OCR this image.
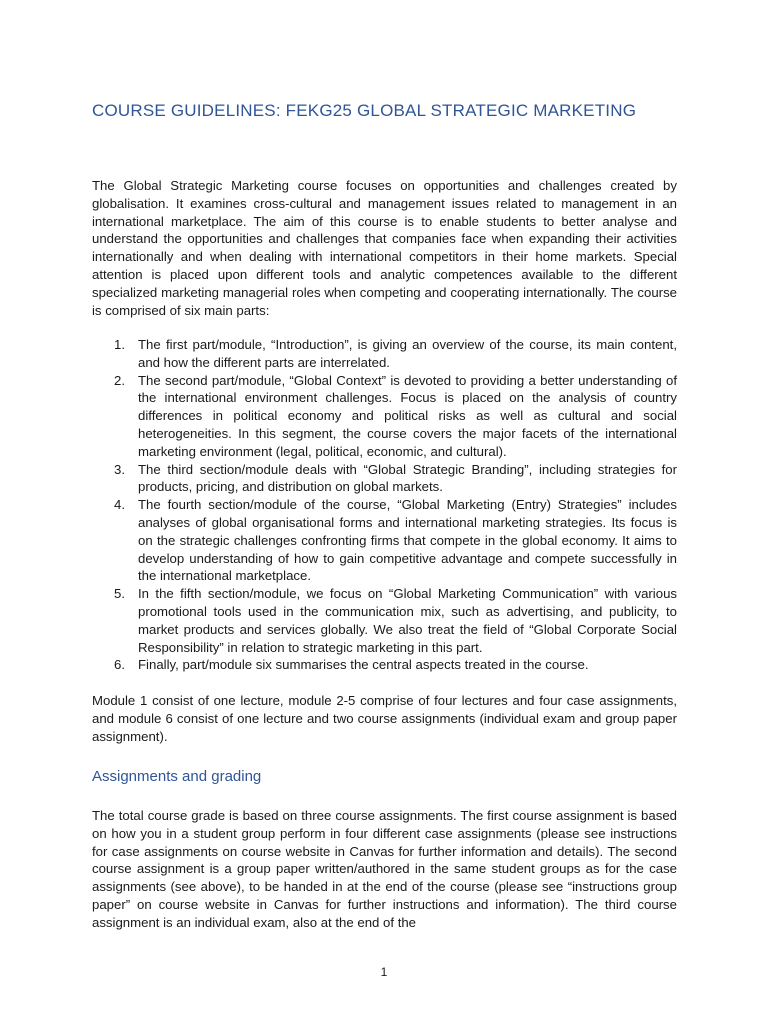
COURSE GUIDELINES: FEKG25 GLOBAL STRATEGIC MARKETING

The Global Strategic Marketing course focuses on opportunities and challenges created by globalisation. It examines cross-cultural and management issues related to management in an international marketplace. The aim of this course is to enable students to better analyse and understand the opportunities and challenges that companies face when expanding their activities internationally and when dealing with international competitors in their home markets. Special attention is placed upon different tools and analytic competences available to the different specialized marketing managerial roles when competing and cooperating internationally. The course is comprised of six main parts:

1. The first part/module, “Introduction”, is giving an overview of the course, its main content, and how the different parts are interrelated.
2. The second part/module, “Global Context” is devoted to providing a better understanding of the international environment challenges. Focus is placed on the analysis of country differences in political economy and political risks as well as cultural and social heterogeneities. In this segment, the course covers the major facets of the international marketing environment (legal, political, economic, and cultural).
3. The third section/module deals with “Global Strategic Branding”, including strategies for products, pricing, and distribution on global markets.
4. The fourth section/module of the course, “Global Marketing (Entry) Strategies” includes analyses of global organisational forms and international marketing strategies. Its focus is on the strategic challenges confronting firms that compete in the global economy. It aims to develop understanding of how to gain competitive advantage and compete successfully in the international marketplace.
5. In the fifth section/module, we focus on “Global Marketing Communication” with various promotional tools used in the communication mix, such as advertising, and publicity, to market products and services globally. We also treat the field of “Global Corporate Social Responsibility” in relation to strategic marketing in this part.
6. Finally, part/module six summarises the central aspects treated in the course.

Module 1 consist of one lecture, module 2-5 comprise of four lectures and four case assignments, and module 6 consist of one lecture and two course assignments (individual exam and group paper assignment).

Assignments and grading

The total course grade is based on three course assignments. The first course assignment is based on how you in a student group perform in four different case assignments (please see instructions for case assignments on course website in Canvas for further information and details). The second course assignment is a group paper written/authored in the same student groups as for the case assignments (see above), to be handed in at the end of the course (please see “instructions group paper” on course website in Canvas for further instructions and information). The third course assignment is an individual exam, also at the end of the

1
